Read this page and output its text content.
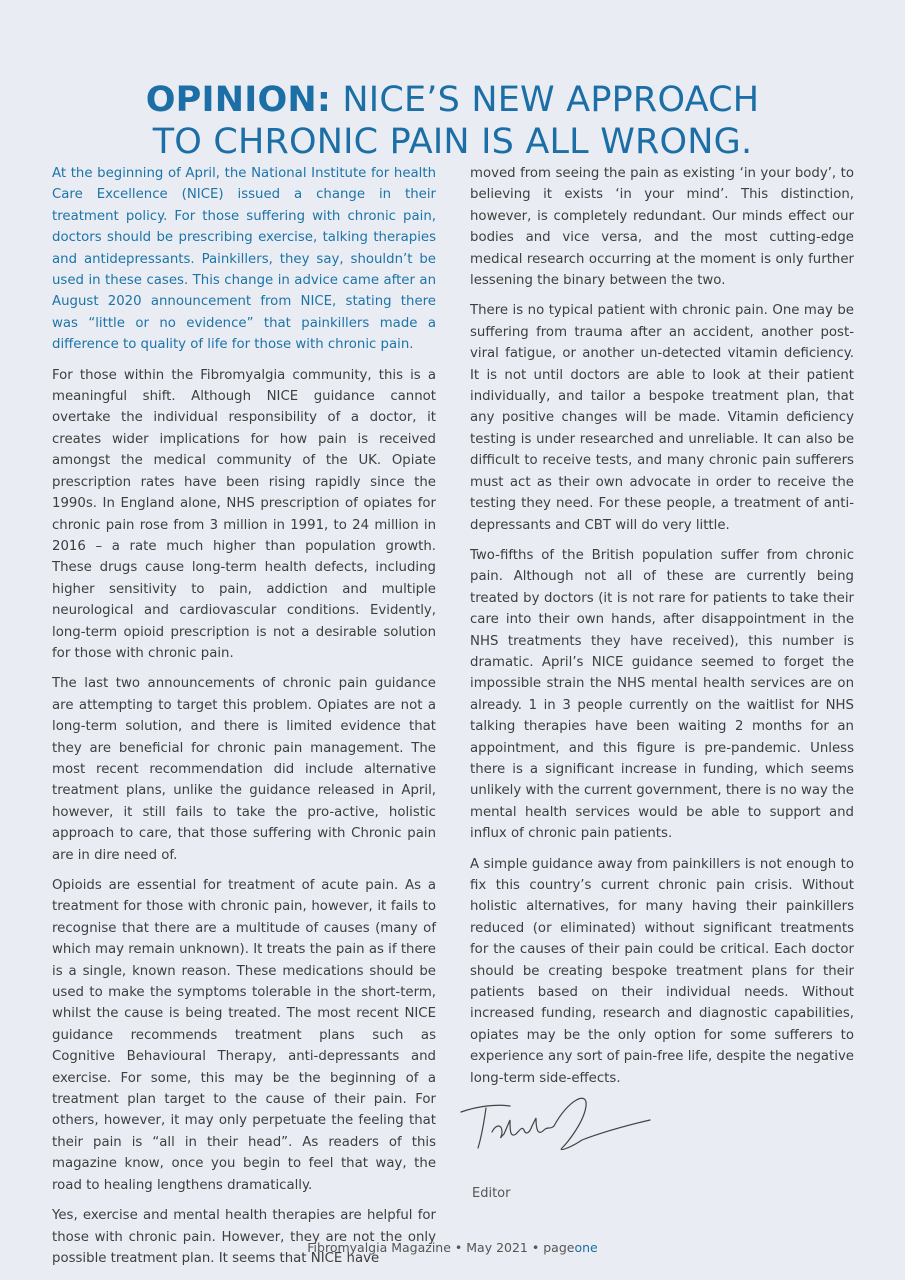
OPINION: NICE’S NEW APPROACH
TO CHRONIC PAIN IS ALL WRONG.

At the beginning of April, the National Institute for health Care Excellence (NICE) issued a change in their treatment policy. For those suffering with chronic pain, doctors should be prescribing exercise, talking therapies and antidepressants. Painkillers, they say, shouldn’t be used in these cases. This change in advice came after an August 2020 announcement from NICE, stating there was “little or no evidence” that painkillers made a difference to quality of life for those with chronic pain.

For those within the Fibromyalgia community, this is a meaningful shift. Although NICE guidance cannot overtake the individual responsibility of a doctor, it creates wider implications for how pain is received amongst the medical community of the UK. Opiate prescription rates have been rising rapidly since the 1990s. In England alone, NHS prescription of opiates for chronic pain rose from 3 million in 1991, to 24 million in 2016 – a rate much higher than population growth. These drugs cause long-term health defects, including higher sensitivity to pain, addiction and multiple neurological and cardiovascular conditions. Evidently, long-term opioid prescription is not a desirable solution for those with chronic pain.

The last two announcements of chronic pain guidance are attempting to target this problem. Opiates are not a long-term solution, and there is limited evidence that they are beneficial for chronic pain management. The most recent recommendation did include alternative treatment plans, unlike the guidance released in April, however, it still fails to take the pro-active, holistic approach to care, that those suffering with Chronic pain are in dire need of.

Opioids are essential for treatment of acute pain. As a treatment for those with chronic pain, however, it fails to recognise that there are a multitude of causes (many of which may remain unknown). It treats the pain as if there is a single, known reason. These medications should be used to make the symptoms tolerable in the short-term, whilst the cause is being treated. The most recent NICE guidance recommends treatment plans such as Cognitive Behavioural Therapy, anti-depressants and exercise. For some, this may be the beginning of a treatment plan target to the cause of their pain. For others, however, it may only perpetuate the feeling that their pain is “all in their head”. As readers of this magazine know, once you begin to feel that way, the road to healing lengthens dramatically.

Yes, exercise and mental health therapies are helpful for those with chronic pain. However, they are not the only possible treatment plan. It seems that NICE have

moved from seeing the pain as existing ‘in your body’, to believing it exists ‘in your mind’. This distinction, however, is completely redundant. Our minds effect our bodies and vice versa, and the most cutting-edge medical research occurring at the moment is only further lessening the binary between the two.

There is no typical patient with chronic pain. One may be suffering from trauma after an accident, another post-viral fatigue, or another un-detected vitamin deficiency. It is not until doctors are able to look at their patient individually, and tailor a bespoke treatment plan, that any positive changes will be made. Vitamin deficiency testing is under researched and unreliable. It can also be difficult to receive tests, and many chronic pain sufferers must act as their own advocate in order to receive the testing they need. For these people, a treatment of anti-depressants and CBT will do very little.

Two-fifths of the British population suffer from chronic pain. Although not all of these are currently being treated by doctors (it is not rare for patients to take their care into their own hands, after disappointment in the NHS treatments they have received), this number is dramatic. April’s NICE guidance seemed to forget the impossible strain the NHS mental health services are on already. 1 in 3 people currently on the waitlist for NHS talking therapies have been waiting 2 months for an appointment, and this figure is pre-pandemic. Unless there is a significant increase in funding, which seems unlikely with the current government, there is no way the mental health services would be able to support and influx of chronic pain patients.

A simple guidance away from painkillers is not enough to fix this country’s current chronic pain crisis. Without holistic alternatives, for many having their painkillers reduced (or eliminated) without significant treatments for the causes of their pain could be critical. Each doctor should be creating bespoke treatment plans for their patients based on their individual needs. Without increased funding, research and diagnostic capabilities, opiates may be the only option for some sufferers to experience any sort of pain-free life, despite the negative long-term side-effects.

Editor
Fibromyalgia Magazine • May 2021 • pageone
